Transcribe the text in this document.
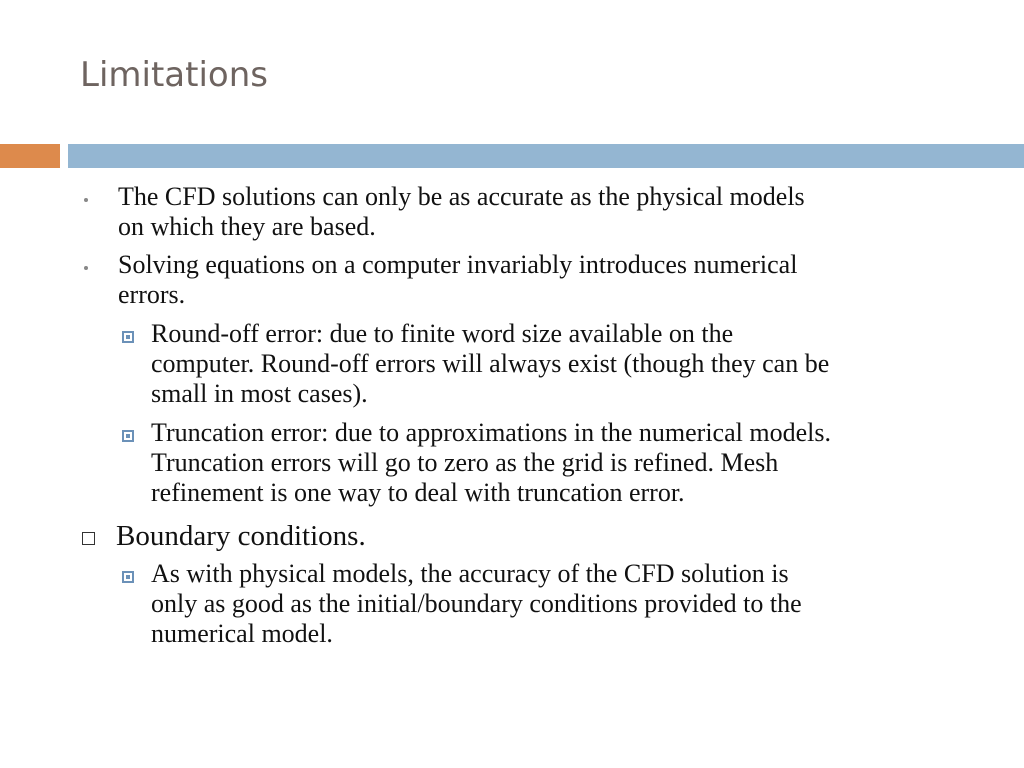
Limitations
The CFD solutions can only be as accurate as the physical models
on which they are based.
Solving equations on a computer invariably introduces numerical
errors.
Round-off error: due to finite word size available on the
computer. Round-off errors will always exist (though they can be
small in most cases).
Truncation error: due to approximations in the numerical models.
Truncation errors will go to zero as the grid is refined. Mesh
refinement is one way to deal with truncation error.
Boundary conditions.
As with physical models, the accuracy of the CFD solution is
only as good as the initial/boundary conditions provided to the
numerical model.
